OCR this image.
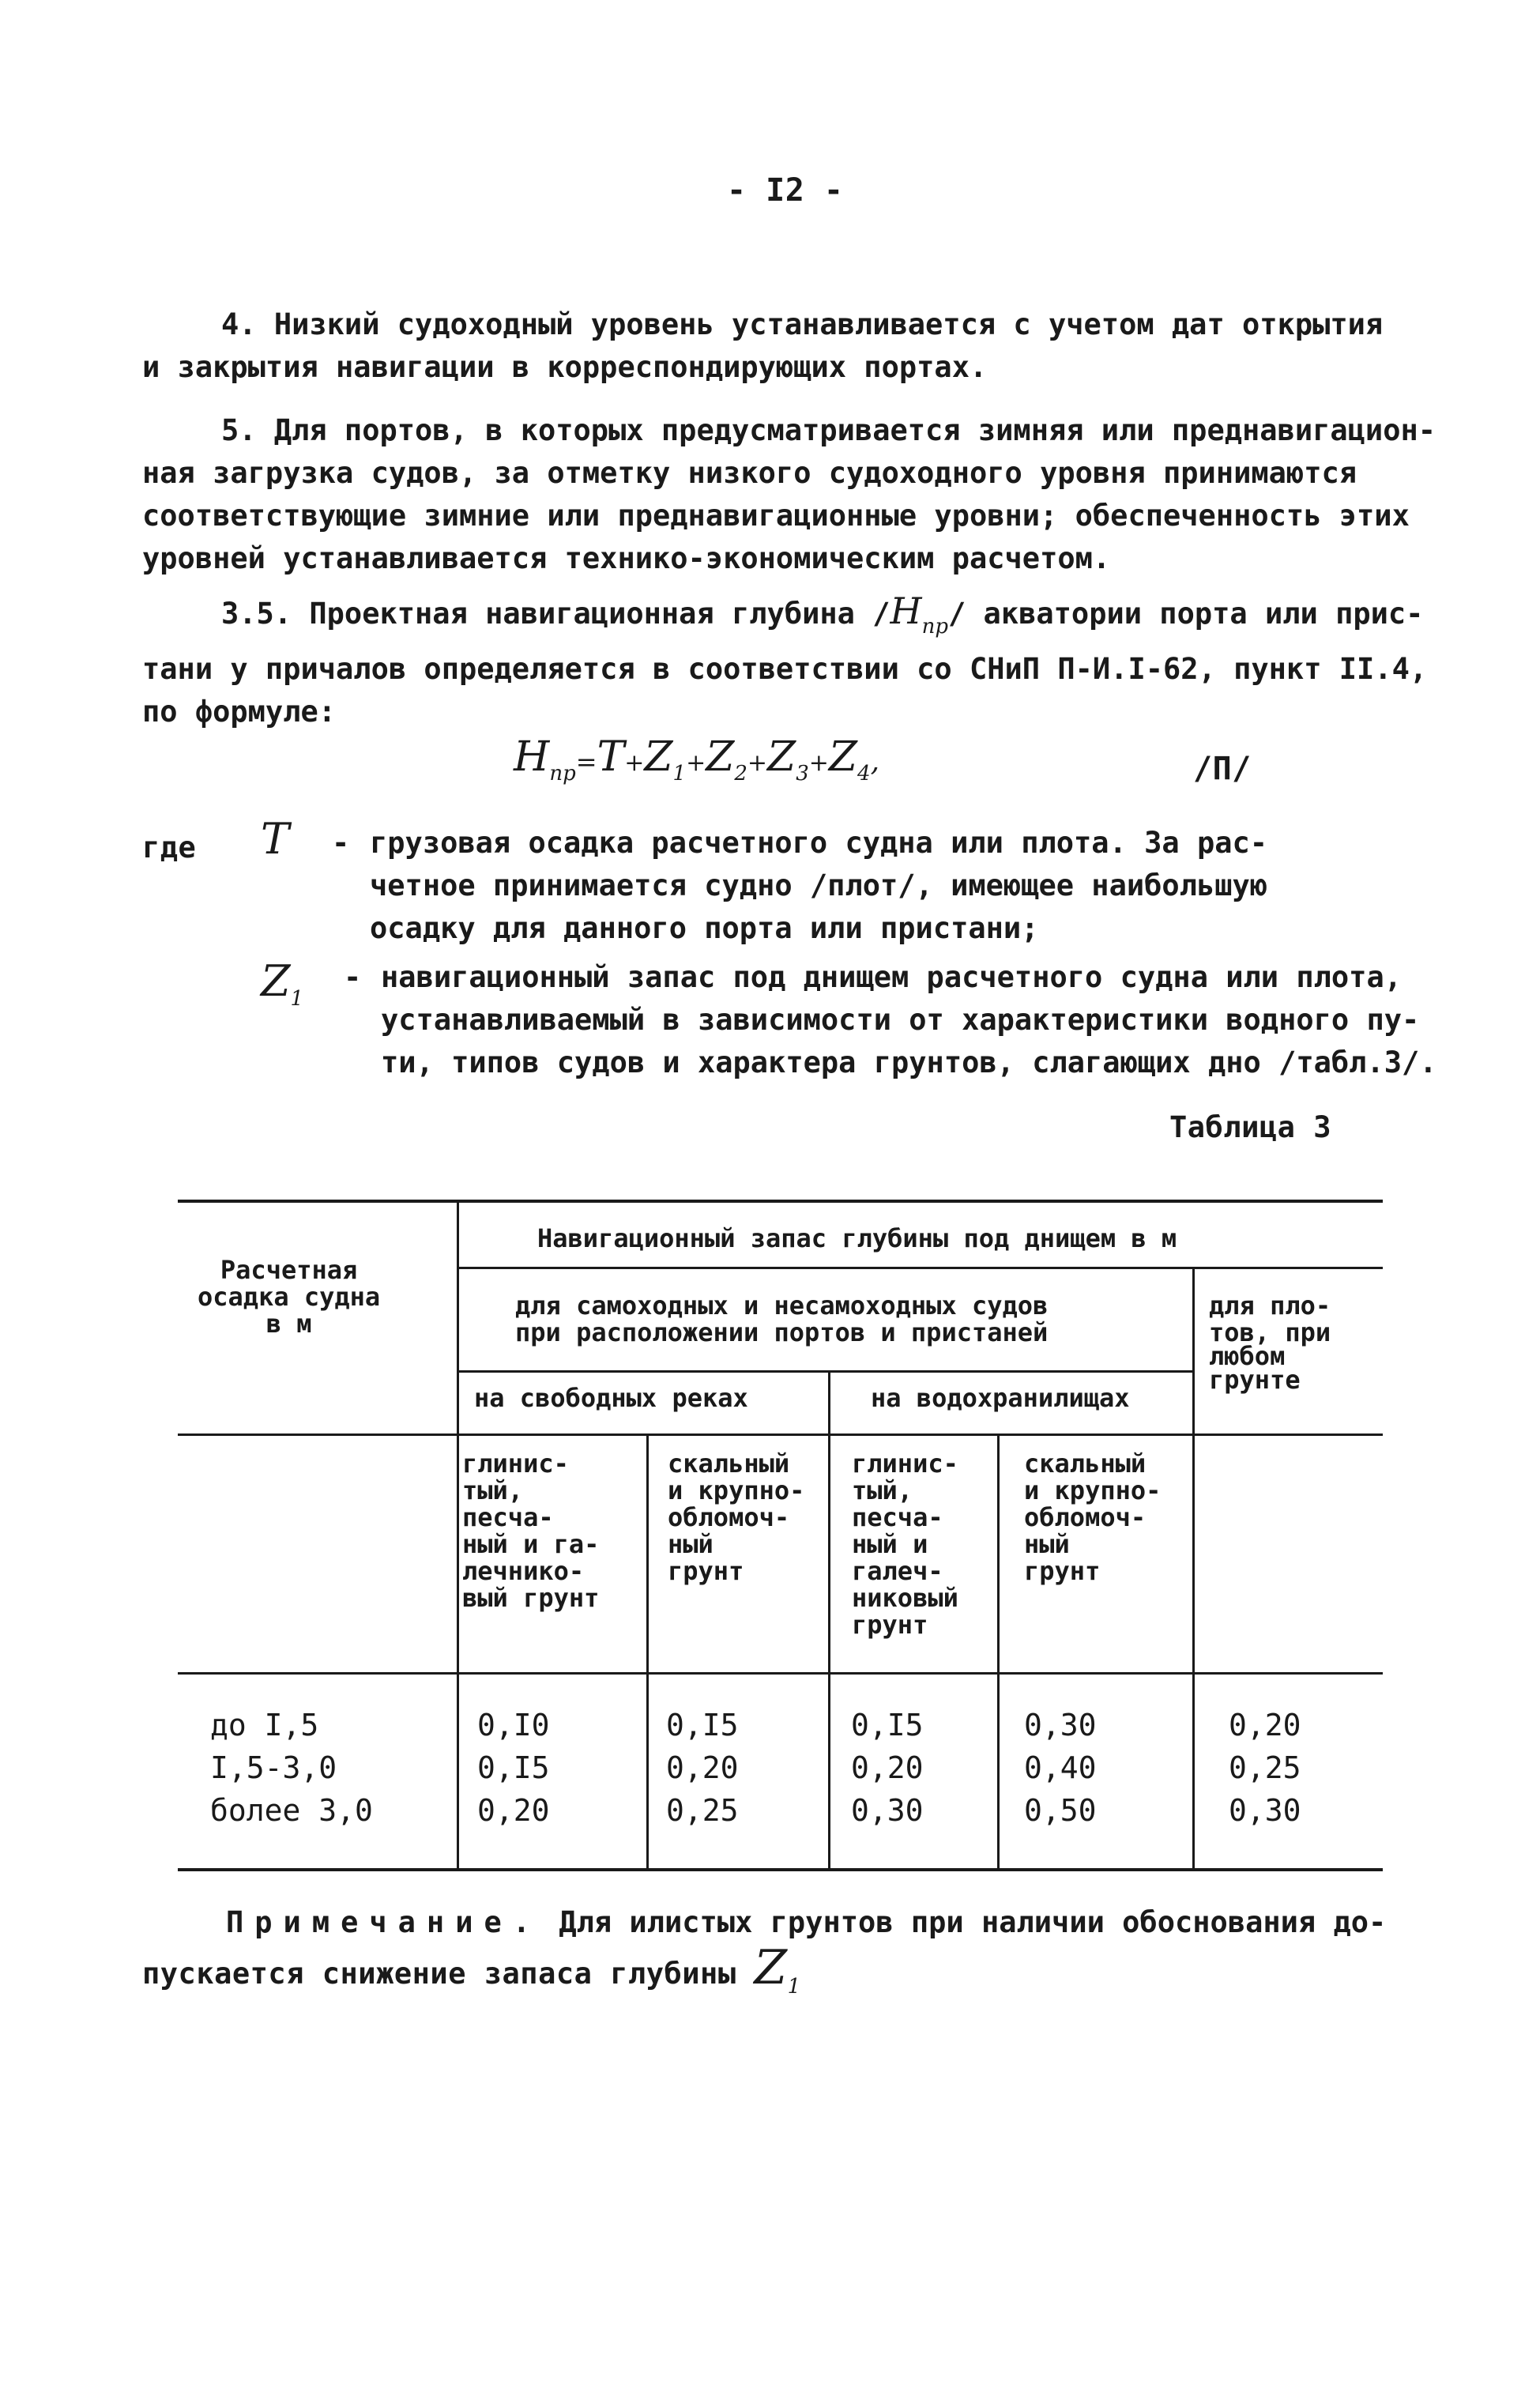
- I2 -
4. Низкий судоходный уровень устанавливается с учетом дат открытия
и закрытия навигации в корреспондирующих портах.
5. Для портов, в которых предусматривается зимняя или преднавигацион-
ная загрузка судов, за отметку низкого судоходного уровня принимаются
соответствующие зимние или преднавигационные уровни; обеспеченность этих
уровней устанавливается технико-экономическим расчетом.
3.5. Проектная навигационная глубина $/H_{пр}/$ акватории порта или прис-
тани у причалов определяется в соответствии со СНиП П-И.I-62, пункт II.4,
по формуле:
$H_{пр}=T+Z_1+Z_2+Z_3+Z_4$,	/П/
где T - грузовая осадка расчетного судна или плота. За рас-
четное принимается судно /плот/, имеющее наибольшую
осадку для данного порта или пристани;
$Z_1$
- навигационный запас под днищем расчетного судна или плота,
устанавливаемый в зависимости от характеристики водного пу-
ти, типов судов и характера грунтов, слагающих дно /табл.3/.
Таблица 3
Расчетная
осадка судна
в м
Навигационный запас глубины под днищем в м
для самоходных и несамоходных судов
при расположении портов и пристаней
для пло-
тов, при
любом
грунте
на свободных реках	на водохранилищах
глинис-
тый,
песча-
ный и га-
лечнико-
вый грунт
скальный
и крупно-
обломоч-
ный
грунт
глинис-
тый,
песча-
ный и
галеч-
никовый
грунт
скальный
и крупно-
обломоч-
ный
грунт
до I,5
I,5-3,0
более 3,0
0,I0
0,I5
0,20
0,I5
0,20
0,25
0,I5
0,20
0,30
0,30
0,40
0,50
0,20
0,25
0,30
Примечание. Для илистых грунтов при наличии обоснования до-
пускается снижение запаса глубины $Z_1$
